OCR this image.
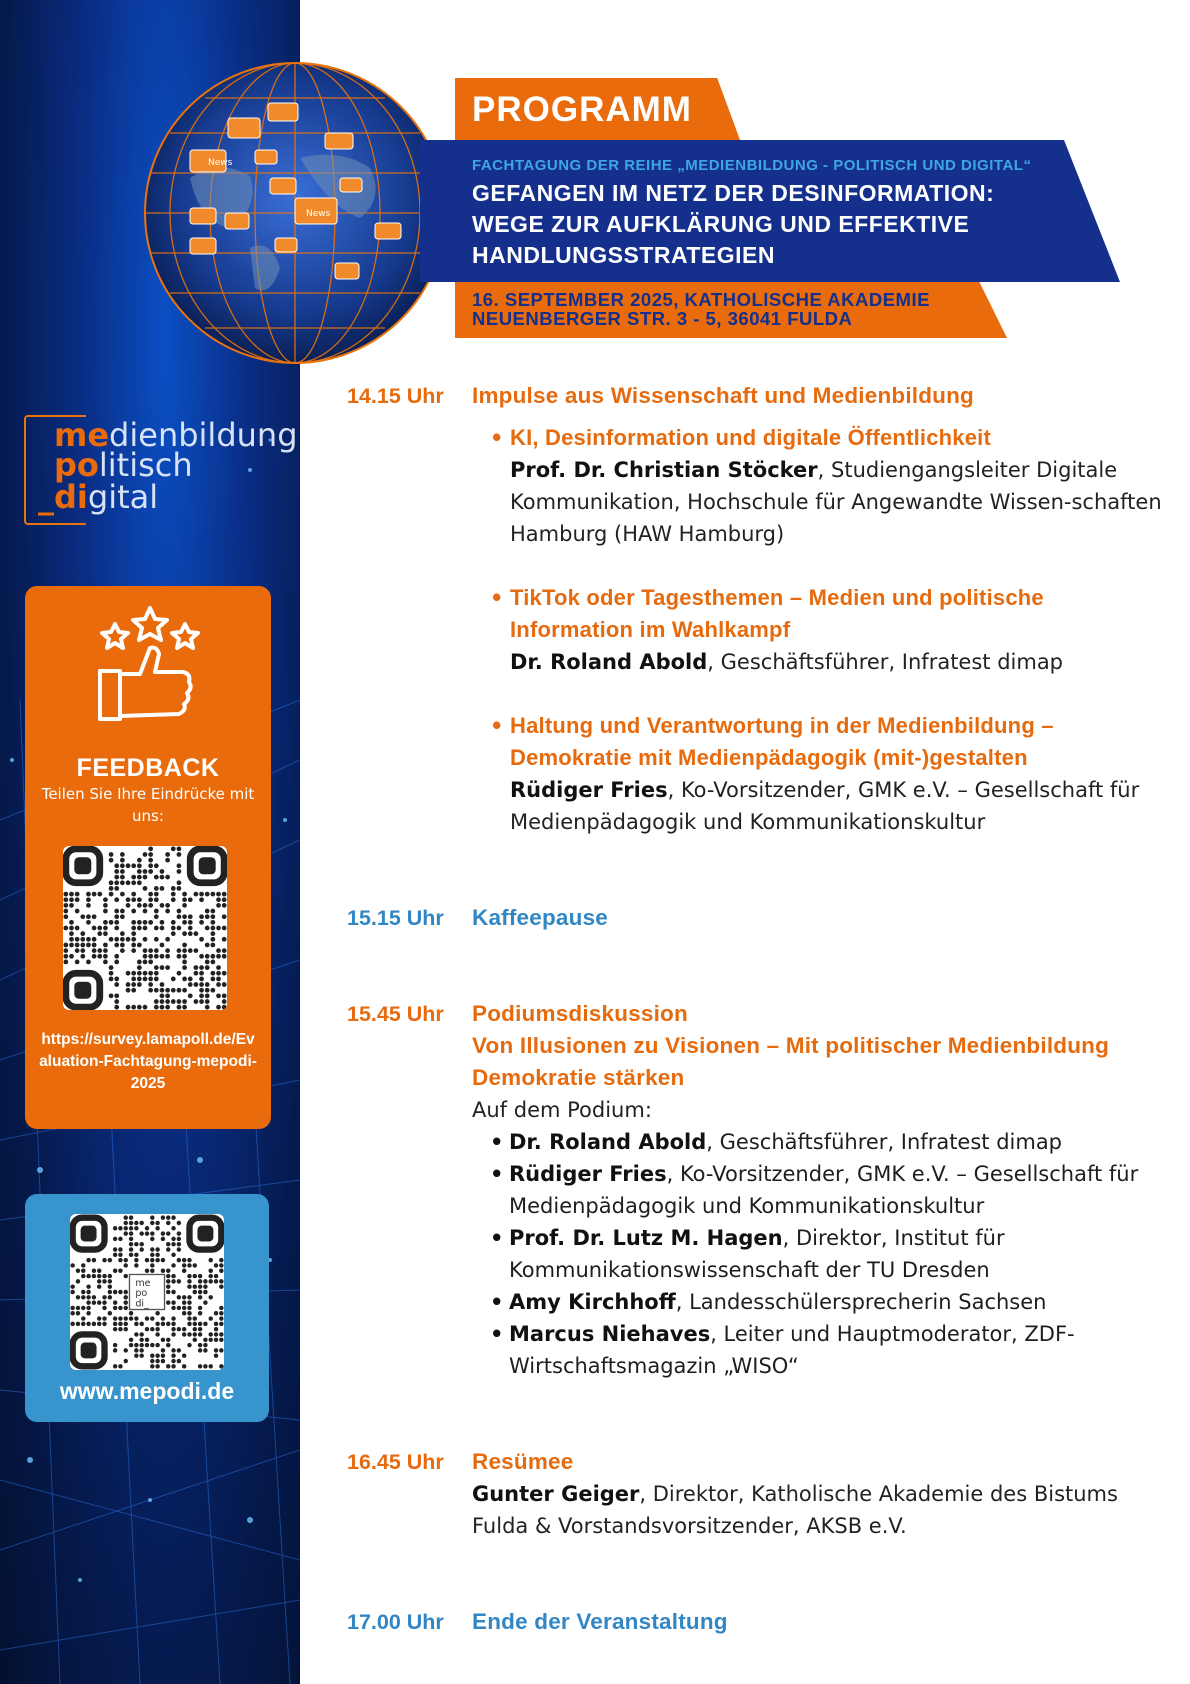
News
News
PROGRAMM
FACHTAGUNG DER REIHE „MEDIENBILDUNG - POLITISCH UND DIGITAL“
GEFANGEN IM NETZ DER DESINFORMATION: WEGE ZUR AUFKLÄRUNG UND EFFEKTIVE HANDLUNGSSTRATEGIEN
16. SEPTEMBER 2025, KATHOLISCHE AKADEMIE
NEUENBERGER STR. 3 - 5, 36041 FULDA
medienbildung
politisch
_digital
FEEDBACK
Teilen Sie Ihre Eindrücke mit uns:
https://survey.lamapoll.de/Evaluation-Fachtagung-mepodi-2025
me
po
di_
www.mepodi.de
14.15 Uhr Impulse aus Wissenschaft und Medienbildung
• KI, Desinformation und digitale Öffentlichkeit
Prof. Dr. Christian Stöcker, Studiengangsleiter Digitale Kommunikation, Hochschule für Angewandte Wissen-schaften Hamburg (HAW Hamburg)
• TikTok oder Tagesthemen – Medien und politische Information im Wahlkampf
Dr. Roland Abold, Geschäftsführer, Infratest dimap
• Haltung und Verantwortung in der Medienbildung – Demokratie mit Medienpädagogik (mit-)gestalten
Rüdiger Fries, Ko-Vorsitzender, GMK e.V. – Gesellschaft für Medienpädagogik und Kommunikationskultur
15.15 Uhr Kaffeepause
15.45 Uhr Podiumsdiskussion
Von Illusionen zu Visionen – Mit politischer Medienbildung Demokratie stärken
Auf dem Podium:
• Dr. Roland Abold, Geschäftsführer, Infratest dimap
• Rüdiger Fries, Ko-Vorsitzender, GMK e.V. – Gesellschaft für Medienpädagogik und Kommunikationskultur
• Prof. Dr. Lutz M. Hagen, Direktor, Institut für Kommunikationswissenschaft der TU Dresden
• Amy Kirchhoff, Landesschülersprecherin Sachsen
• Marcus Niehaves, Leiter und Hauptmoderator, ZDF-Wirtschaftsmagazin „WISO“
16.45 Uhr Resümee
Gunter Geiger, Direktor, Katholische Akademie des Bistums Fulda & Vorstandsvorsitzender, AKSB e.V.
17.00 Uhr Ende der Veranstaltung
